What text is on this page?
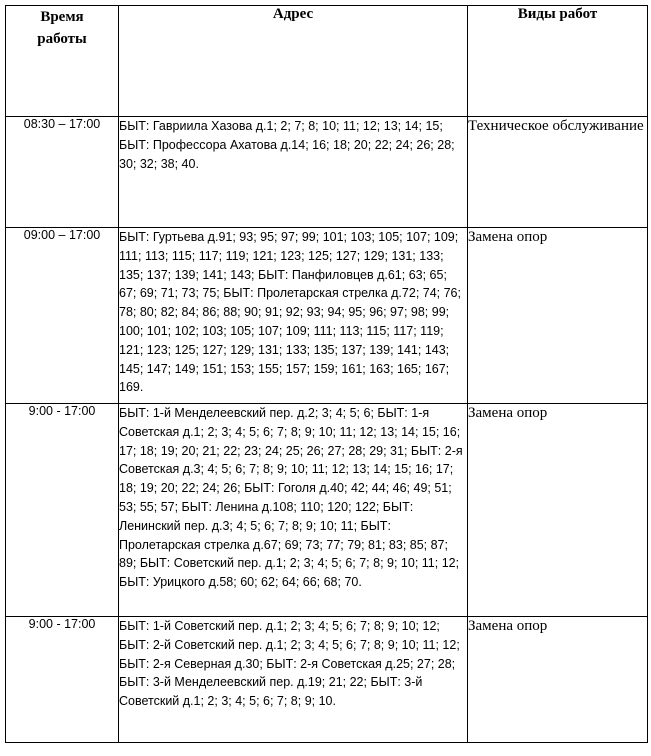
Время
работы	Адрес	Виды работ
08:30 – 17:00	БЫТ: Гавриила Хазова д.1; 2; 7; 8; 10; 11; 12; 13; 14; 15; БЫТ: Профессора Ахатова д.14; 16; 18; 20; 22; 24; 26; 28; 30; 32; 38; 40.	Техническое обслуживание
09:00 – 17:00	БЫТ: Гуртьева д.91; 93; 95; 97; 99; 101; 103; 105; 107; 109; 111; 113; 115; 117; 119; 121; 123; 125; 127; 129; 131; 133; 135; 137; 139; 141; 143; БЫТ: Панфиловцев д.61; 63; 65; 67; 69; 71; 73; 75; БЫТ: Пролетарская стрелка д.72; 74; 76; 78; 80; 82; 84; 86; 88; 90; 91; 92; 93; 94; 95; 96; 97; 98; 99; 100; 101; 102; 103; 105; 107; 109; 111; 113; 115; 117; 119; 121; 123; 125; 127; 129; 131; 133; 135; 137; 139; 141; 143; 145; 147; 149; 151; 153; 155; 157; 159; 161; 163; 165; 167; 169.	Замена опор
9:00 - 17:00	БЫТ: 1-й Менделеевский пер. д.2; 3; 4; 5; 6; БЫТ: 1-я Советская д.1; 2; 3; 4; 5; 6; 7; 8; 9; 10; 11; 12; 13; 14; 15; 16; 17; 18; 19; 20; 21; 22; 23; 24; 25; 26; 27; 28; 29; 31; БЫТ: 2-я Советская д.3; 4; 5; 6; 7; 8; 9; 10; 11; 12; 13; 14; 15; 16; 17; 18; 19; 20; 22; 24; 26; БЫТ: Гоголя д.40; 42; 44; 46; 49; 51; 53; 55; 57; БЫТ: Ленина д.108; 110; 120; 122; БЫТ: Ленинский пер. д.3; 4; 5; 6; 7; 8; 9; 10; 11; БЫТ: Пролетарская стрелка д.67; 69; 73; 77; 79; 81; 83; 85; 87; 89; БЫТ: Советский пер. д.1; 2; 3; 4; 5; 6; 7; 8; 9; 10; 11; 12; БЫТ: Урицкого д.58; 60; 62; 64; 66; 68; 70.	Замена опор
9:00 - 17:00	БЫТ: 1-й Советский пер. д.1; 2; 3; 4; 5; 6; 7; 8; 9; 10; 12; БЫТ: 2-й Советский пер. д.1; 2; 3; 4; 5; 6; 7; 8; 9; 10; 11; 12; БЫТ: 2-я Северная д.30; БЫТ: 2-я Советская д.25; 27; 28; БЫТ: 3-й Менделеевский пер. д.19; 21; 22; БЫТ: 3-й Советский д.1; 2; 3; 4; 5; 6; 7; 8; 9; 10.	Замена опор
